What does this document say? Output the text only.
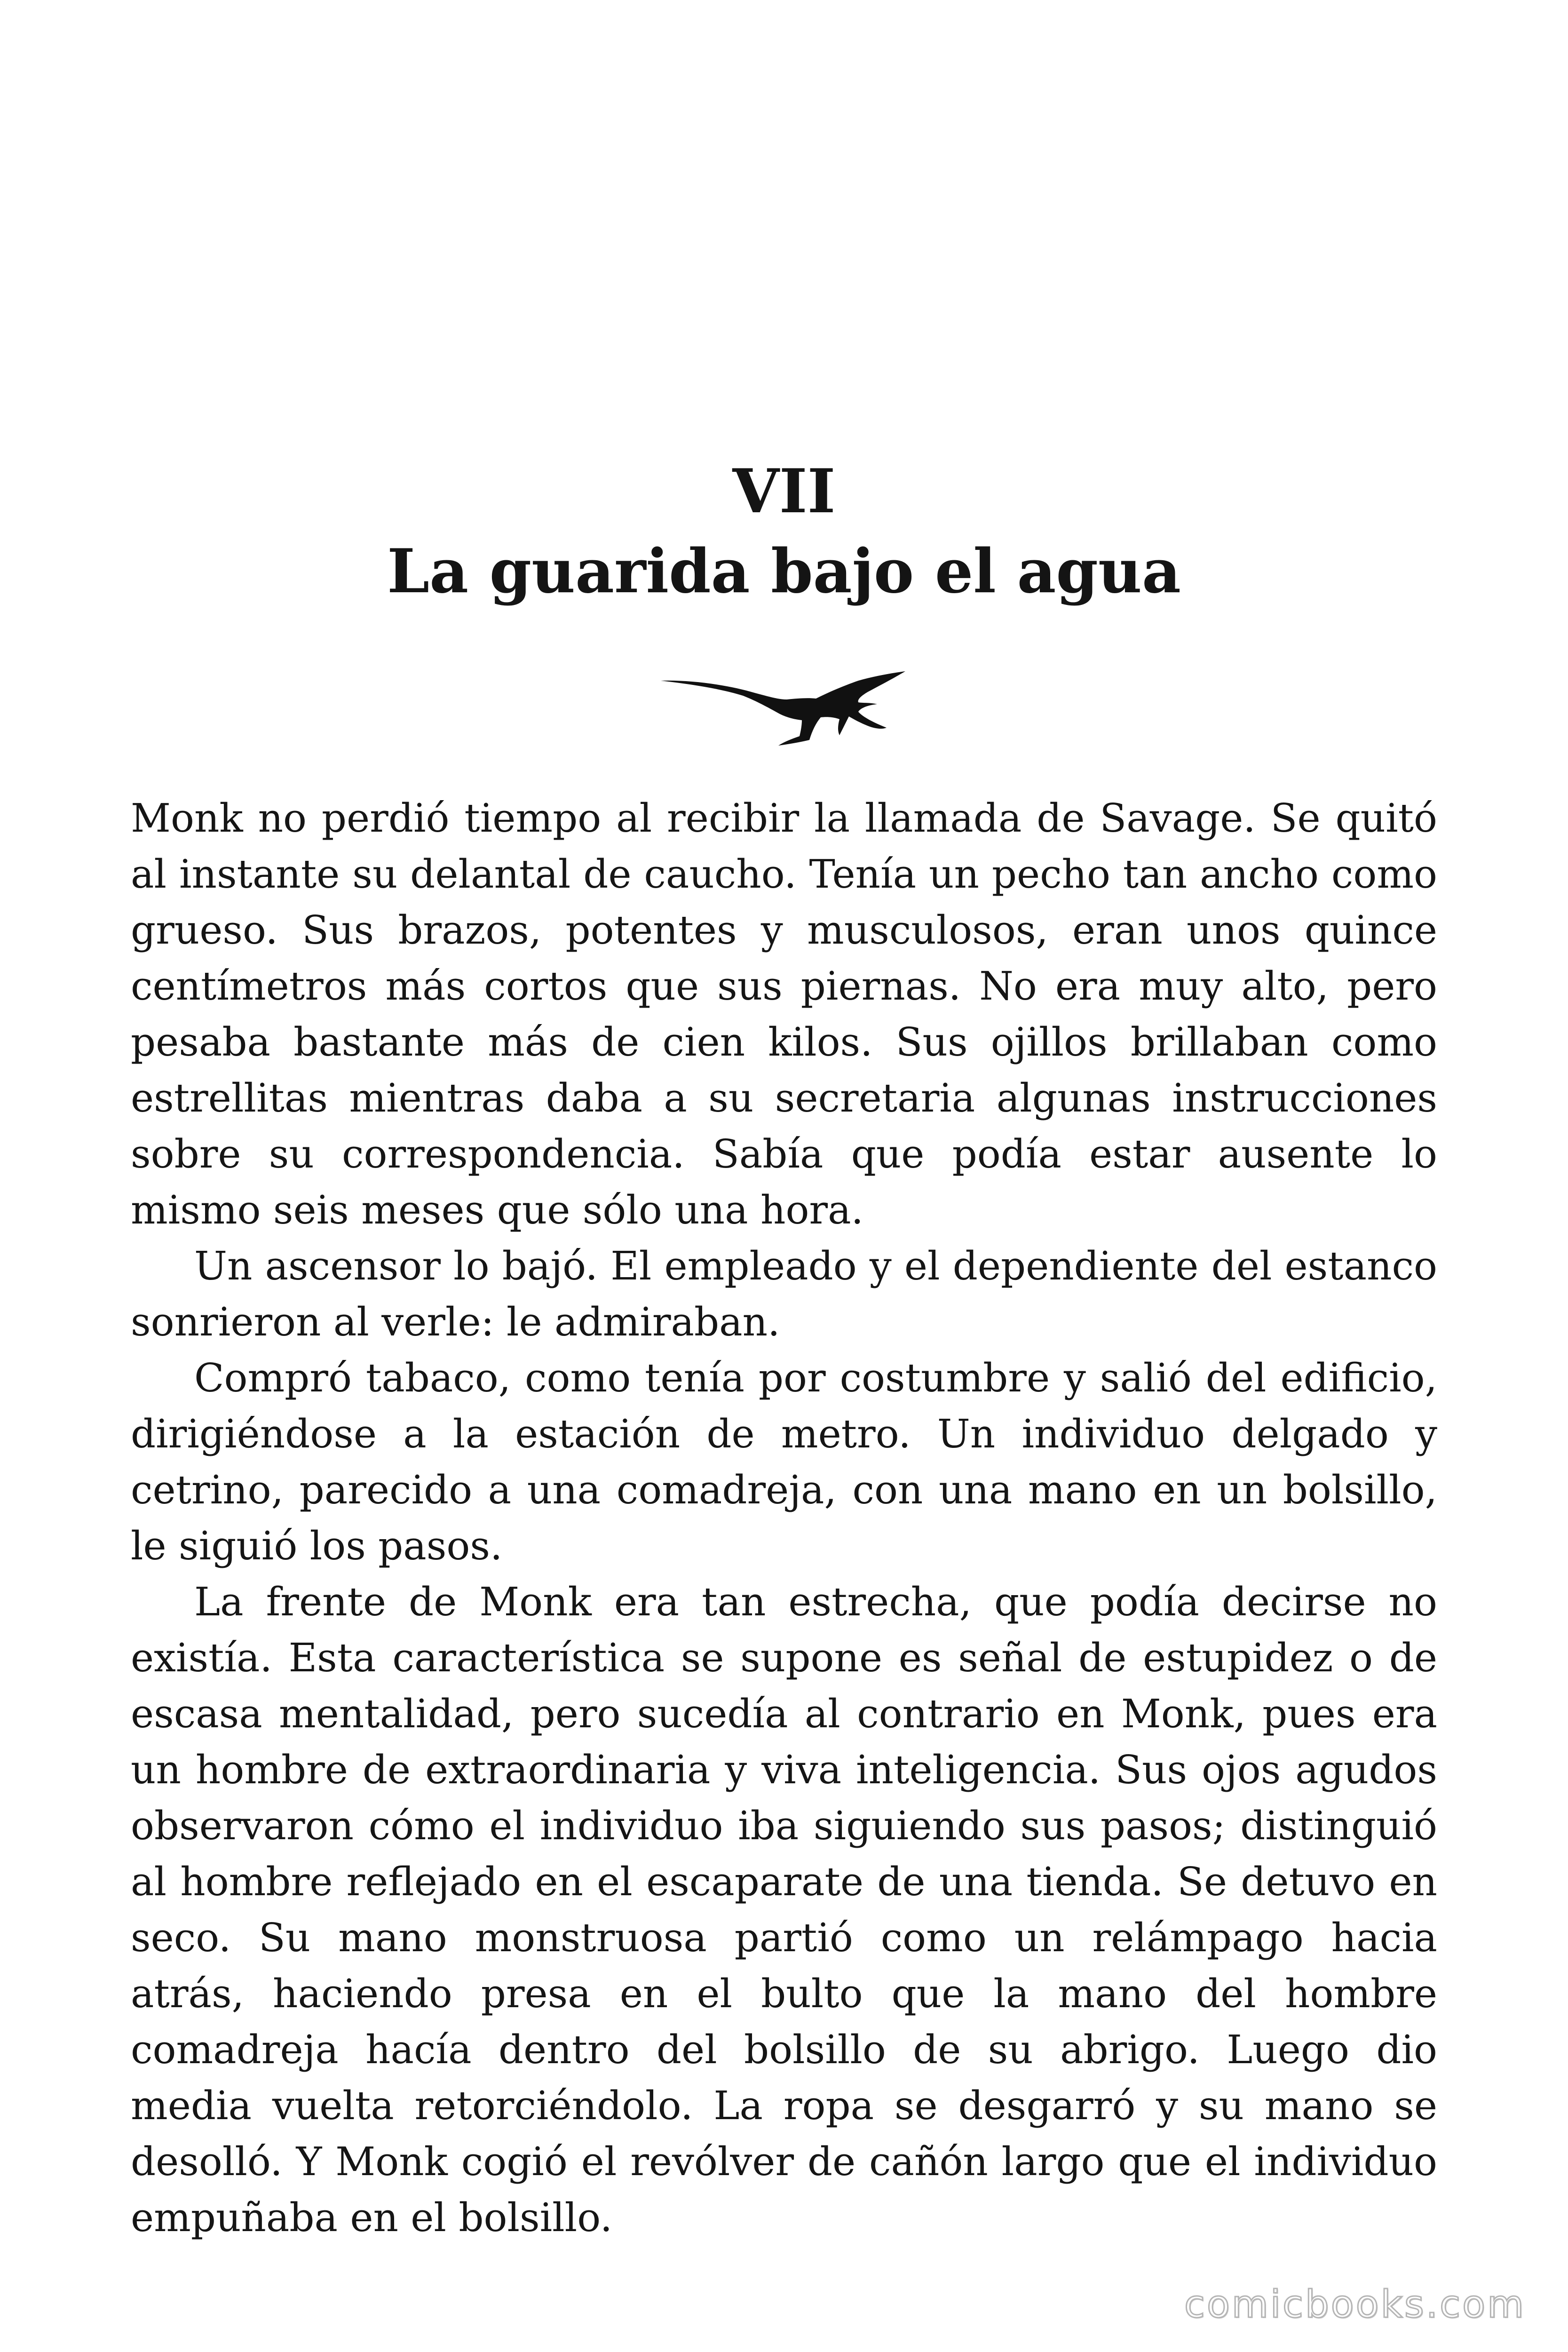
VII
La guarida bajo el agua

Monk no perdió tiempo al recibir la llamada de Savage. Se quitó al instante su delantal de caucho. Tenía un pecho tan ancho como grueso. Sus brazos, potentes y musculosos, eran unos quince centímetros más cortos que sus piernas. No era muy alto, pero pesaba bastante más de cien kilos. Sus ojillos brillaban como estrellitas mientras daba a su secretaria algunas instrucciones sobre su correspondencia. Sabía que podía estar ausente lo mismo seis meses que sólo una hora.

Un ascensor lo bajó. El empleado y el dependiente del estanco sonrieron al verle: le admiraban.

Compró tabaco, como tenía por costumbre y salió del edificio, dirigiéndose a la estación de metro. Un individuo delgado y cetrino, parecido a una comadreja, con una mano en un bolsillo, le siguió los pasos.

La frente de Monk era tan estrecha, que podía decirse no existía. Esta característica se supone es señal de estupidez o de escasa mentalidad, pero sucedía al contrario en Monk, pues era un hombre de extraordinaria y viva inteligencia. Sus ojos agudos observaron cómo el individuo iba siguiendo sus pasos; distinguió al hombre reflejado en el escaparate de una tienda. Se detuvo en seco. Su mano monstruosa partió como un relámpago hacia atrás, haciendo presa en el bulto que la mano del hombre comadreja hacía dentro del bolsillo de su abrigo. Luego dio media vuelta retorciéndolo. La ropa se desgarró y su mano se desolló. Y Monk cogió el revólver de cañón largo que el individuo empuñaba en el bolsillo.

comicbooks.com
